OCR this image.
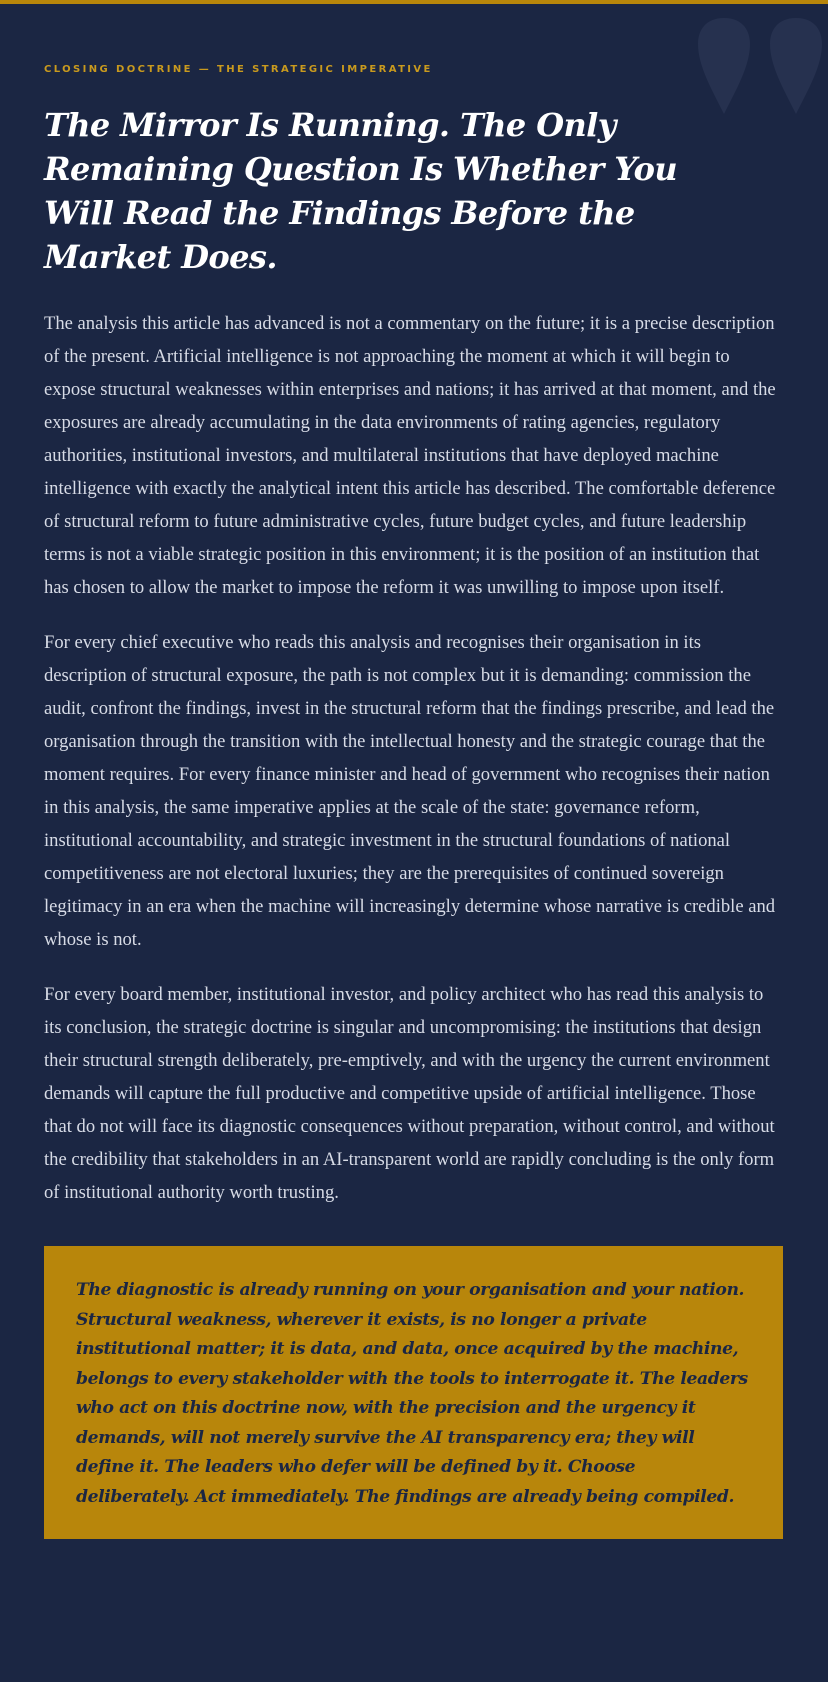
CLOSING DOCTRINE — THE STRATEGIC IMPERATIVE
The Mirror Is Running. The Only Remaining Question Is Whether You Will Read the Findings Before the Market Does.

The analysis this article has advanced is not a commentary on the future; it is a precise description of the present. Artificial intelligence is not approaching the moment at which it will begin to expose structural weaknesses within enterprises and nations; it has arrived at that moment, and the exposures are already accumulating in the data environments of rating agencies, regulatory authorities, institutional investors, and multilateral institutions that have deployed machine intelligence with exactly the analytical intent this article has described. The comfortable deference of structural reform to future administrative cycles, future budget cycles, and future leadership terms is not a viable strategic position in this environment; it is the position of an institution that has chosen to allow the market to impose the reform it was unwilling to impose upon itself.

For every chief executive who reads this analysis and recognises their organisation in its description of structural exposure, the path is not complex but it is demanding: commission the audit, confront the findings, invest in the structural reform that the findings prescribe, and lead the organisation through the transition with the intellectual honesty and the strategic courage that the moment requires. For every finance minister and head of government who recognises their nation in this analysis, the same imperative applies at the scale of the state: governance reform, institutional accountability, and strategic investment in the structural foundations of national competitiveness are not electoral luxuries; they are the prerequisites of continued sovereign legitimacy in an era when the machine will increasingly determine whose narrative is credible and whose is not.

For every board member, institutional investor, and policy architect who has read this analysis to its conclusion, the strategic doctrine is singular and uncompromising: the institutions that design their structural strength deliberately, pre-emptively, and with the urgency the current environment demands will capture the full productive and competitive upside of artificial intelligence. Those that do not will face its diagnostic consequences without preparation, without control, and without the credibility that stakeholders in an AI-transparent world are rapidly concluding is the only form of institutional authority worth trusting.

The diagnostic is already running on your organisation and your nation. Structural weakness, wherever it exists, is no longer a private institutional matter; it is data, and data, once acquired by the machine, belongs to every stakeholder with the tools to interrogate it. The leaders who act on this doctrine now, with the precision and the urgency it demands, will not merely survive the AI transparency era; they will define it. The leaders who defer will be defined by it. Choose deliberately. Act immediately. The findings are already being compiled.
